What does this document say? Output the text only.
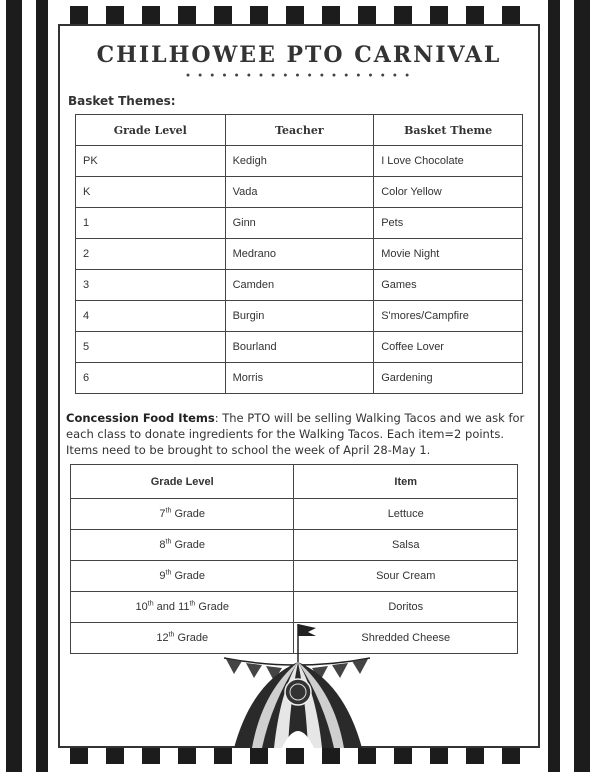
CHILHOWEE PTO CARNIVAL
● ● ● ● ● ● ● ● ● ● ● ● ● ● ● ● ● ● ●
Basket Themes:
Grade Level	Teacher	Basket Theme
PK	Kedigh	I Love Chocolate
K	Vada	Color Yellow
1	Ginn	Pets
2	Medrano	Movie Night
3	Camden	Games
4	Burgin	S'mores/Campfire
5	Bourland	Coffee Lover
6	Morris	Gardening
Concession Food Items: The PTO will be selling Walking Tacos and we ask for each class to donate ingredients for the Walking Tacos. Each item=2 points. Items need to be brought to school the week of April 28-May 1.
Grade Level	Item
7th Grade	Lettuce
8th Grade	Salsa
9th Grade	Sour Cream
10th and 11th Grade	Doritos
12th Grade	Shredded Cheese
